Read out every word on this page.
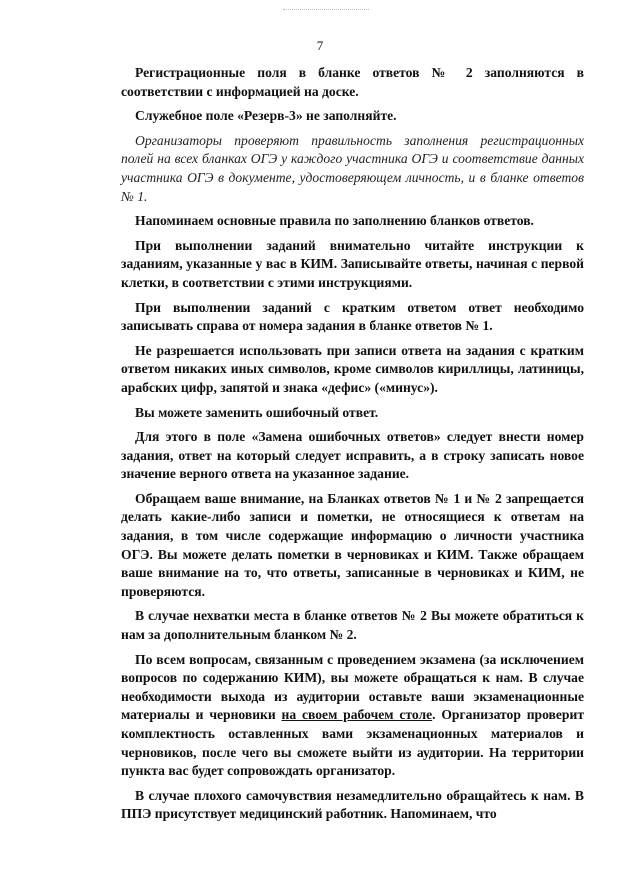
7

Регистрационные поля в бланке ответов № 2 заполняются в соответствии с информацией на доске.

Служебное поле «Резерв-3» не заполняйте.

Организаторы проверяют правильность заполнения регистрационных полей на всех бланках ОГЭ у каждого участника ОГЭ и соответствие данных участника ОГЭ в документе, удостоверяющем личность, и в бланке ответов № 1.

Напоминаем основные правила по заполнению бланков ответов.

При выполнении заданий внимательно читайте инструкции к заданиям, указанные у вас в КИМ. Записывайте ответы, начиная с первой клетки, в соответствии с этими инструкциями.

При выполнении заданий с кратким ответом ответ необходимо записывать справа от номера задания в бланке ответов № 1.

Не разрешается использовать при записи ответа на задания с кратким ответом никаких иных символов, кроме символов кириллицы, латиницы, арабских цифр, запятой и знака «дефис» («минус»).

Вы можете заменить ошибочный ответ.

Для этого в поле «Замена ошибочных ответов» следует внести номер задания, ответ на который следует исправить, а в строку записать новое значение верного ответа на указанное задание.

Обращаем ваше внимание, на Бланках ответов № 1 и № 2 запрещается делать какие-либо записи и пометки, не относящиеся к ответам на задания, в том числе содержащие информацию о личности участника ОГЭ. Вы можете делать пометки в черновиках и КИМ. Также обращаем ваше внимание на то, что ответы, записанные в черновиках и КИМ, не проверяются.

В случае нехватки места в бланке ответов № 2 Вы можете обратиться к нам за дополнительным бланком № 2.

По всем вопросам, связанным с проведением экзамена (за исключением вопросов по содержанию КИМ), вы можете обращаться к нам. В случае необходимости выхода из аудитории оставьте ваши экзаменационные материалы и черновики на своем рабочем столе. Организатор проверит комплектность оставленных вами экзаменационных материалов и черновиков, после чего вы сможете выйти из аудитории. На территории пункта вас будет сопровождать организатор.

В случае плохого самочувствия незамедлительно обращайтесь к нам. В ППЭ присутствует медицинский работник. Напоминаем, что
